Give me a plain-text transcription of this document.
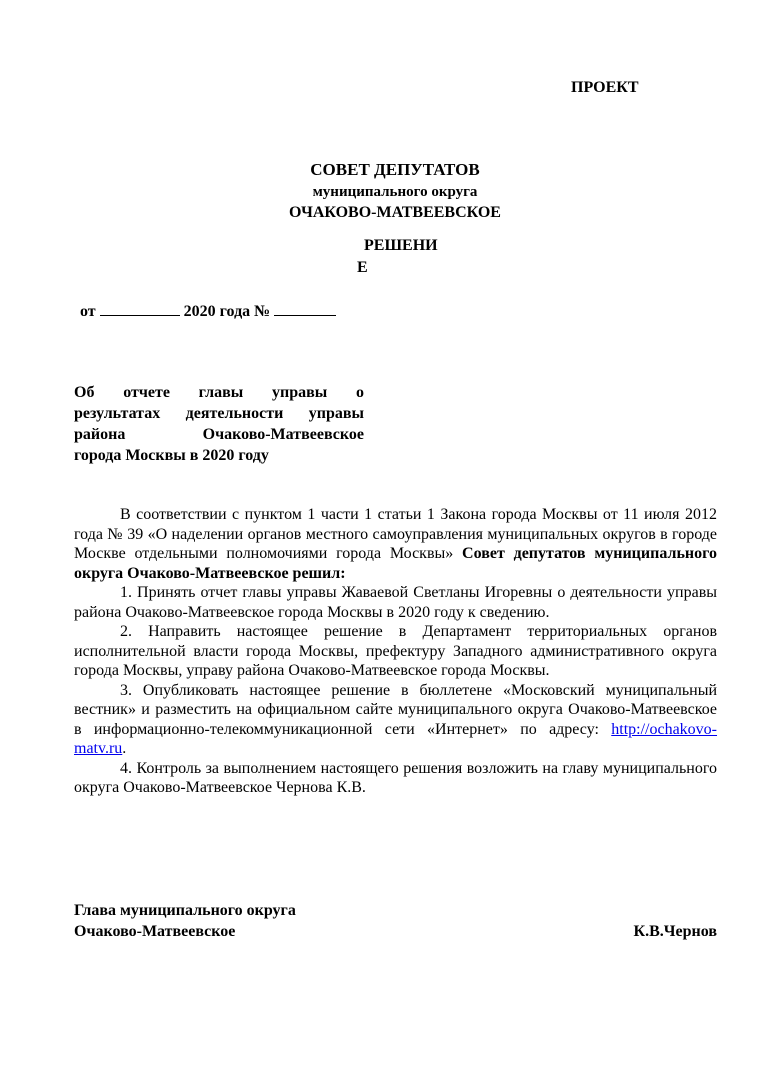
ПРОЕКТ
СОВЕТ ДЕПУТАТОВ
муниципального округа
ОЧАКОВО-МАТВЕЕВСКОЕ
РЕШЕНИ
Е
от	2020 года №
Об отчете главы управы о
результатах деятельности управы
района Очаково-Матвеевское
города Москвы в 2020 году

В соответствии с пунктом 1 части 1 статьи 1 Закона города Москвы от 11 июля 2012 года № 39 «О наделении органов местного самоуправления муниципальных округов в городе Москве отдельными полномочиями города Москвы» Совет депутатов муниципального округа Очаково-Матвеевское решил:

1. Принять отчет главы управы Жаваевой Светланы Игоревны о деятельности управы района Очаково-Матвеевское города Москвы в 2020 году к сведению.

2. Направить настоящее решение в Департамент территориальных органов исполнительной власти города Москвы, префектуру Западного административного округа города Москвы, управу района Очаково-Матвеевское города Москвы.

3. Опубликовать настоящее решение в бюллетене «Московский муниципальный вестник» и разместить на официальном сайте муниципального округа Очаково-Матвеевское в информационно-телекоммуникационной сети «Интернет» по адресу: http://ochakovo-matv.ru.

4. Контроль за выполнением настоящего решения возложить на главу муниципального округа Очаково-Матвеевское Чернова К.В.

Глава муниципального округа
Очаково-Матвеевское	К.В.Чернов
